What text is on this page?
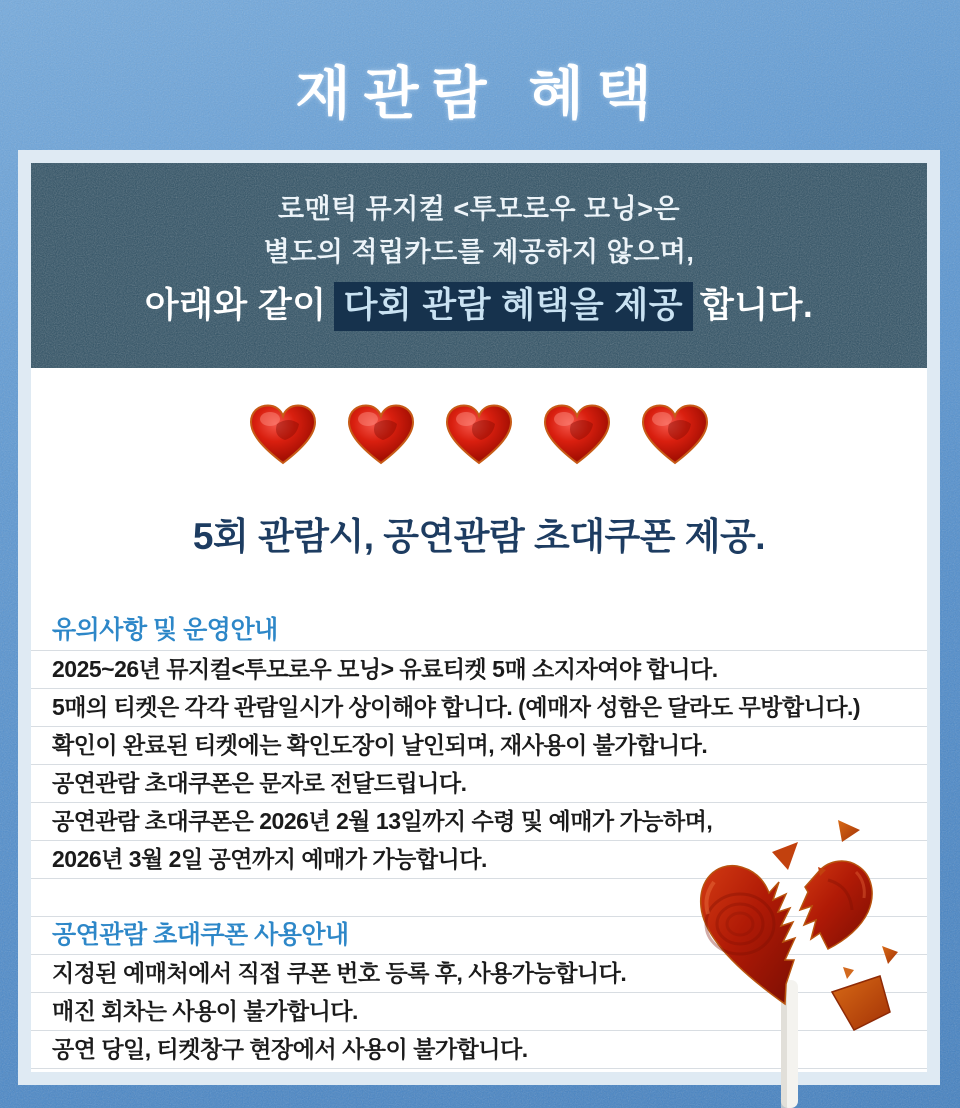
재관람 혜택
로맨틱 뮤지컬 <투모로우 모닝>은
별도의 적립카드를 제공하지 않으며,
아래와 같이 다회 관람 혜택을 제공 합니다.
5회 관람시, 공연관람 초대쿠폰 제공.
유의사항 및 운영안내
2025~26년 뮤지컬<투모로우 모닝> 유료티켓 5매 소지자여야 합니다.
5매의 티켓은 각각 관람일시가 상이해야 합니다. (예매자 성함은 달라도 무방합니다.)
확인이 완료된 티켓에는 확인도장이 날인되며, 재사용이 불가합니다.
공연관람 초대쿠폰은 문자로 전달드립니다.
공연관람 초대쿠폰은 2026년 2월 13일까지 수령 및 예매가 가능하며,
2026년 3월 2일 공연까지 예매가 가능합니다.
공연관람 초대쿠폰 사용안내
지정된 예매처에서 직접 쿠폰 번호 등록 후, 사용가능합니다.
매진 회차는 사용이 불가합니다.
공연 당일, 티켓창구 현장에서 사용이 불가합니다.
